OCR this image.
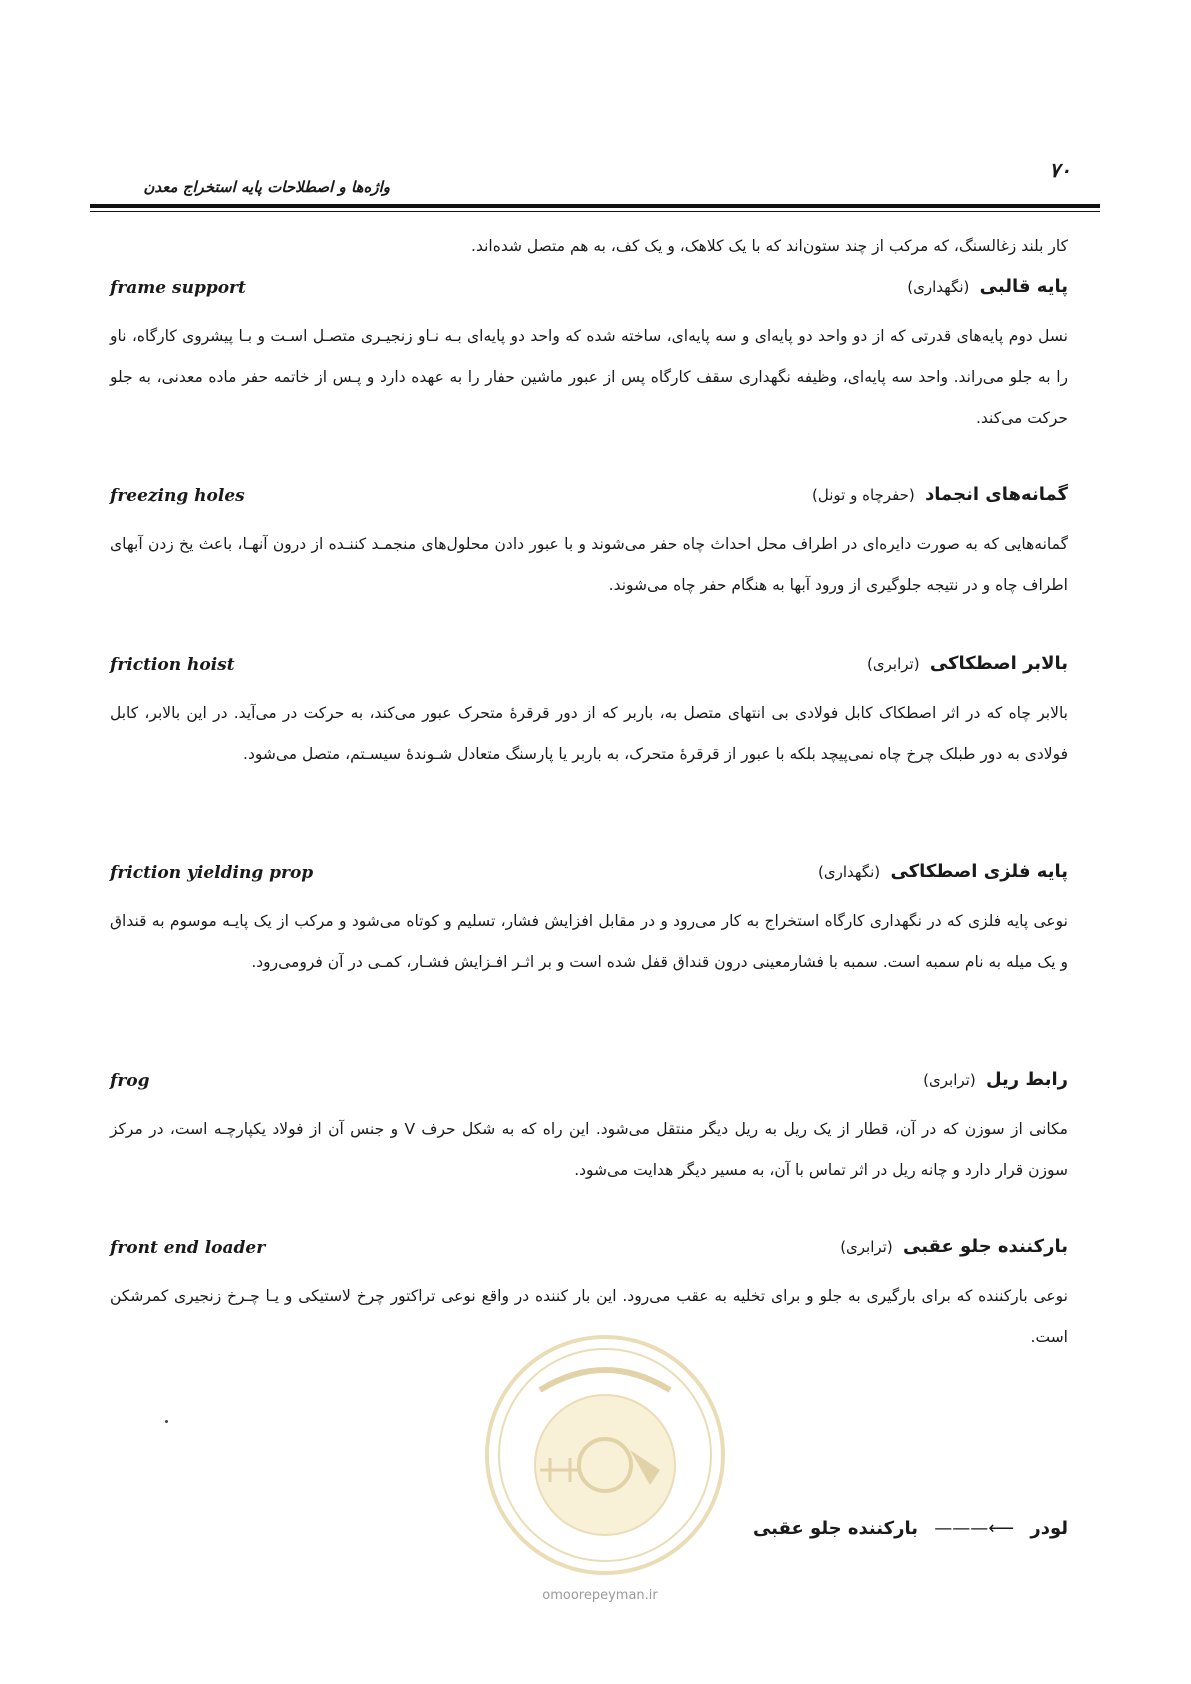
۷۰
واژه‌ها و اصطلاحات پایه استخراج معدن
کار بلند زغالسنگ، که مرکب از چند ستون‌اند که با یک کلاهک، و یک کف، به هم متصل شده‌اند.
پایه قالبی (نگهداری)
frame support
نسل دوم پایه‌های قدرتی که از دو واحد دو پایه‌ای و سه پایه‌ای، ساخته شده که واحد دو پایه‌ای بـه نـاو زنجیـری متصـل اسـت و بـا پیشروی کارگاه، ناو را به جلو می‌راند. واحد سه پایه‌ای، وظیفه نگهداری سقف کارگاه پس از عبور ماشین حفار را به عهده دارد و پـس از خاتمه حفر ماده معدنی، به جلو حرکت می‌کند.
گمانه‌های انجماد (حفرچاه و تونل)
freezing holes
گمانه‌هایی که به صورت دایره‌ای در اطراف محل احداث چاه حفر می‌شوند و با عبور دادن محلول‌های منجمـد کننـده از درون آنهـا، باعث یخ زدن آبهای اطراف چاه و در نتیجه جلوگیری از ورود آبها به هنگام حفر چاه می‌شوند.
بالابر اصطکاکی (ترابری)
friction hoist
بالابر چاه که در اثر اصطکاک کابل فولادی بی انتهای متصل به، باربر که از دور قرقرهٔ متحرک عبور می‌کند، به حرکت در می‌آید. در این بالابر، کابل فولادی به دور طبلک چرخ چاه نمی‌پیچد بلکه با عبور از قرقرهٔ متحرک، به باربر یا پارسنگ متعادل شـوندهٔ سیسـتم، متصل می‌شود.
پایه فلزی اصطکاکی (نگهداری)
friction yielding prop
نوعی پایه فلزی که در نگهداری کارگاه استخراج به کار می‌رود و در مقابل افزایش فشار، تسلیم و کوتاه می‌شود و مرکب از یک پایـه موسوم به قنداق و یک میله به نام سمبه است. سمبه با فشارمعینی درون قنداق قفل شده است و بر اثـر افـزایش فشـار، کمـی در آن فرومی‌رود.
رابط ریل (ترابری)
frog
مکانی از سوزن که در آن، قطار از یک ریل به ریل دیگر منتقل می‌شود. این راه که به شکل حرف V و جنس آن از فولاد یکپارچـه است، در مرکز سوزن قرار دارد و چانه ریل در اثر تماس با آن، به مسیر دیگر هدایت می‌شود.
بارکننده جلو عقبی (ترابری)
front end loader
نوعی بارکننده که برای بارگیری به جلو و برای تخلیه به عقب می‌رود. این بار کننده در واقع نوعی تراکتور چرخ لاستیکی و یـا چـرخ زنجیری کمرشکن است.
لودر ⟵——— بارکننده جلو عقبی
omoorepeyman.ir
